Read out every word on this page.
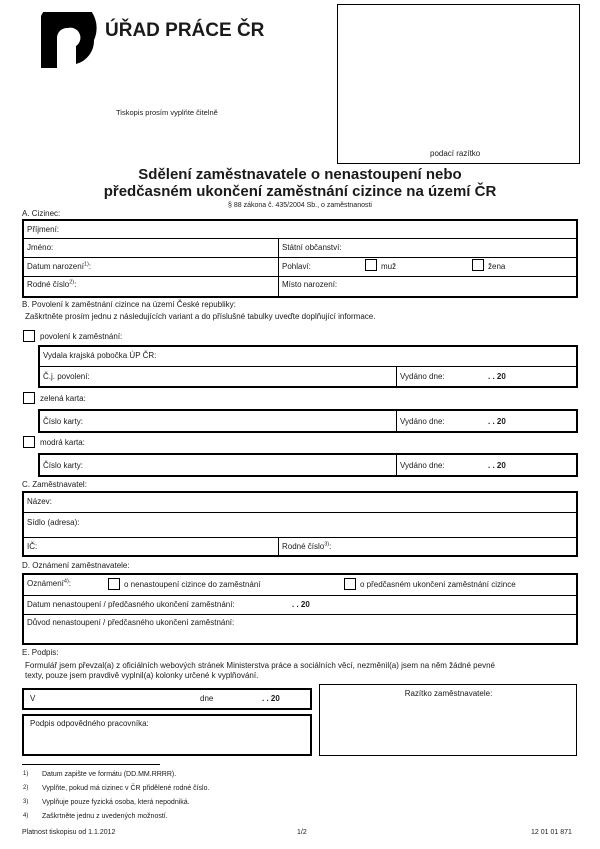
ÚŘAD PRÁCE ČR
Tiskopis prosím vyplňte čitelně
podací razítko
Sdělení zaměstnavatele o nenastoupení nebo
předčasném ukončení zaměstnání cizince na území ČR
§ 88 zákona č. 435/2004 Sb., o zaměstnanosti
A. Cizinec:
Příjmení:
Jméno:	Státní občanství:
Datum narození$^{1)}$:	Pohlaví:	muž	žena
Rodné číslo$^{2)}$:	Místo narození:
B. Povolení k zaměstnání cizince na území České republiky:
Zaškrtněte prosím jednu z následujících variant a do příslušné tabulky uveďte doplňující informace.
povolení k zaměstnání:
Vydala krajská pobočka ÚP ČR:
Č.j. povolení:	Vydáno dne:	. . 20
zelená karta:
Číslo karty:	Vydáno dne:	. . 20
modrá karta:
Číslo karty:	Vydáno dne:	. . 20
C. Zaměstnavatel:
Název:
Sídlo (adresa):
IČ:	Rodné číslo$^{3)}$:
D. Oznámení zaměstnavatele:
Oznámení$^{4)}$:	o nenastoupení cizince do zaměstnání	o předčasném ukončení zaměstnání cizince
Datum nenastoupení / předčasného ukončení zaměstnání:	. . 20
Důvod nenastoupení / předčasného ukončení zaměstnání:
E. Podpis:
Formulář jsem převzal(a) z oficiálních webových stránek Ministerstva práce a sociálních věcí, nezměnil(a) jsem na něm žádné pevné
texty, pouze jsem pravdivě vyplnil(a) kolonky určené k vyplňování.
V	dne	. . 20
Podpis odpovědného pracovníka:
Razítko zaměstnavatele:
1) Datum zapište ve formátu (DD.MM.RRRR).
2) Vyplňte, pokud má cizinec v ČR přidělené rodné číslo.
3) Vyplňuje pouze fyzická osoba, která nepodniká.
4) Zaškrtněte jednu z uvedených možností.
Platnost tiskopisu od 1.1.2012	1/2	12 01 01 871
